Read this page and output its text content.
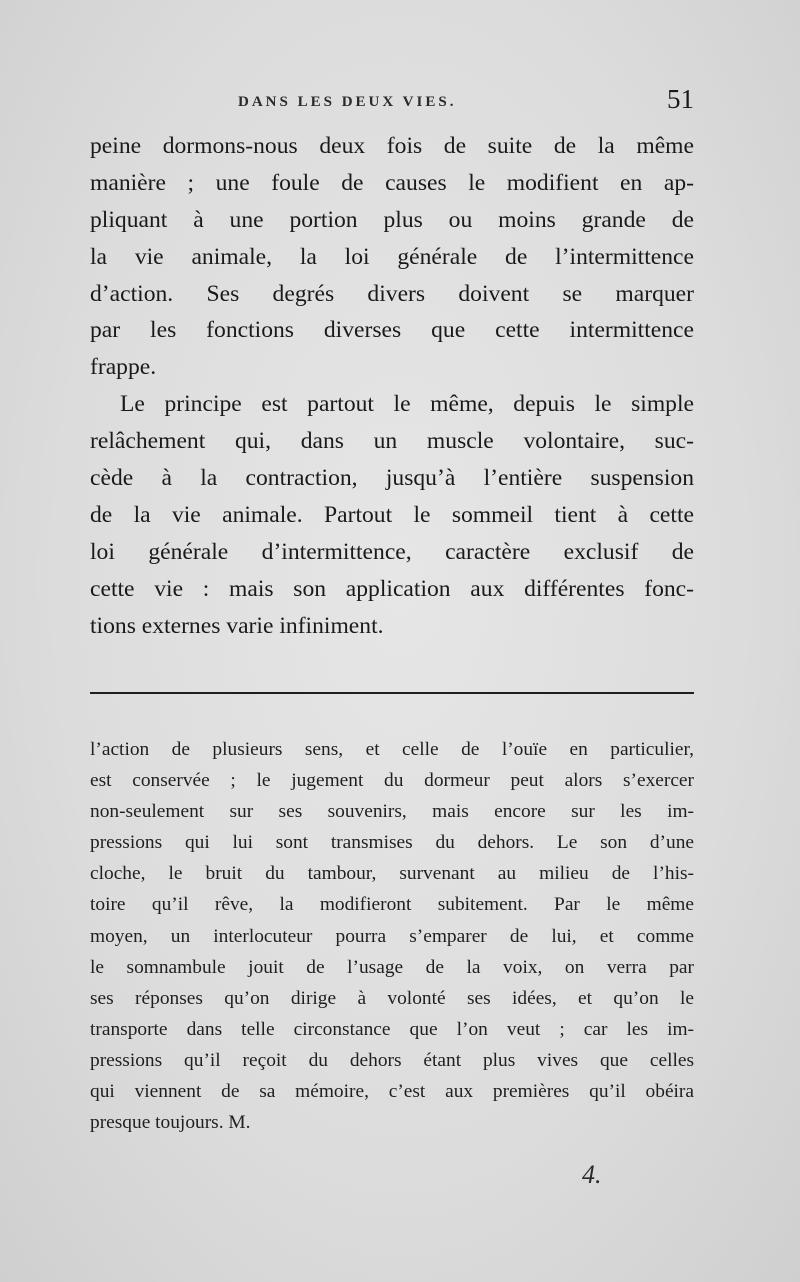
DANS LES DEUX VIES.	51
peine dormons-nous deux fois de suite de la même
manière ; une foule de causes le modifient en ap-
pliquant à une portion plus ou moins grande de
la vie animale, la loi générale de l’intermittence
d’action. Ses degrés divers doivent se marquer
par les fonctions diverses que cette intermittence
frappe.
Le principe est partout le même, depuis le simple
relâchement qui, dans un muscle volontaire, suc-
cède à la contraction, jusqu’à l’entière suspension
de la vie animale. Partout le sommeil tient à cette
loi générale d’intermittence, caractère exclusif de
cette vie : mais son application aux différentes fonc-
tions externes varie infiniment.
l’action de plusieurs sens, et celle de l’ouïe en particulier,
est conservée ; le jugement du dormeur peut alors s’exercer
non-seulement sur ses souvenirs, mais encore sur les im-
pressions qui lui sont transmises du dehors. Le son d’une
cloche, le bruit du tambour, survenant au milieu de l’his-
toire qu’il rêve, la modifieront subitement. Par le même
moyen, un interlocuteur pourra s’emparer de lui, et comme
le somnambule jouit de l’usage de la voix, on verra par
ses réponses qu’on dirige à volonté ses idées, et qu’on le
transporte dans telle circonstance que l’on veut ; car les im-
pressions qu’il reçoit du dehors étant plus vives que celles
qui viennent de sa mémoire, c’est aux premières qu’il obéira
presque toujours. M.
4.
